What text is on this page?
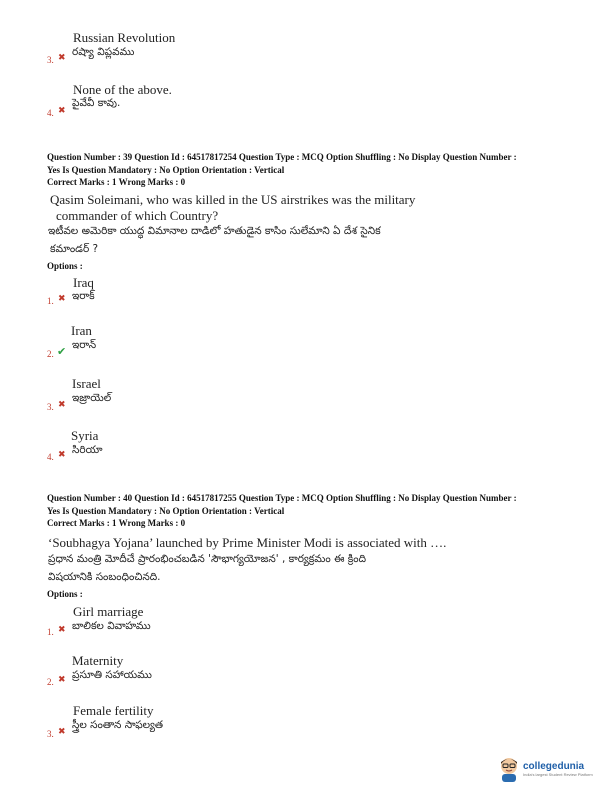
Russian Revolution
రష్యా విప్లవము
3. ✖
None of the above.
పైవేవీ కావు.
4. ✖
Question Number : 39 Question Id : 64517817254 Question Type : MCQ Option Shuffling : No Display Question Number :
Yes Is Question Mandatory : No Option Orientation : Vertical
Correct Marks : 1 Wrong Marks : 0
Qasim Soleimani, who was killed in the US airstrikes was the military
commander of which Country?
ఇటీవల అమెరికా యుద్ధ విమానాల దాడిలో హతుడైన కాసిం సులేమాని ఏ దేశ సైనిక
కమాండర్ ?
Options :
Iraq
ఇరాక్
1. ✖
Iran
ఇరాన్
2. ✔
Israel
ఇజ్రాయెల్
3. ✖
Syria
సిరియా
4. ✖
Question Number : 40 Question Id : 64517817255 Question Type : MCQ Option Shuffling : No Display Question Number :
Yes Is Question Mandatory : No Option Orientation : Vertical
Correct Marks : 1 Wrong Marks : 0
‘Soubhagya Yojana’ launched by Prime Minister Modi is associated with ….
ప్రధాన మంత్రి మోదీచే ప్రారంభించబడిన 'సౌభాగ్యయోజన' , కార్యక్రమం ఈ క్రింది
విషయానికి సంబంధించినది.
Options :
Girl marriage
బాలికల వివాహము
1. ✖
Maternity
ప్రసూతి సహాయము
2. ✖
Female fertility
స్త్రీల సంతాన సాఫల్యత
3. ✖
collegedunia
India's largest Student Review Platform
